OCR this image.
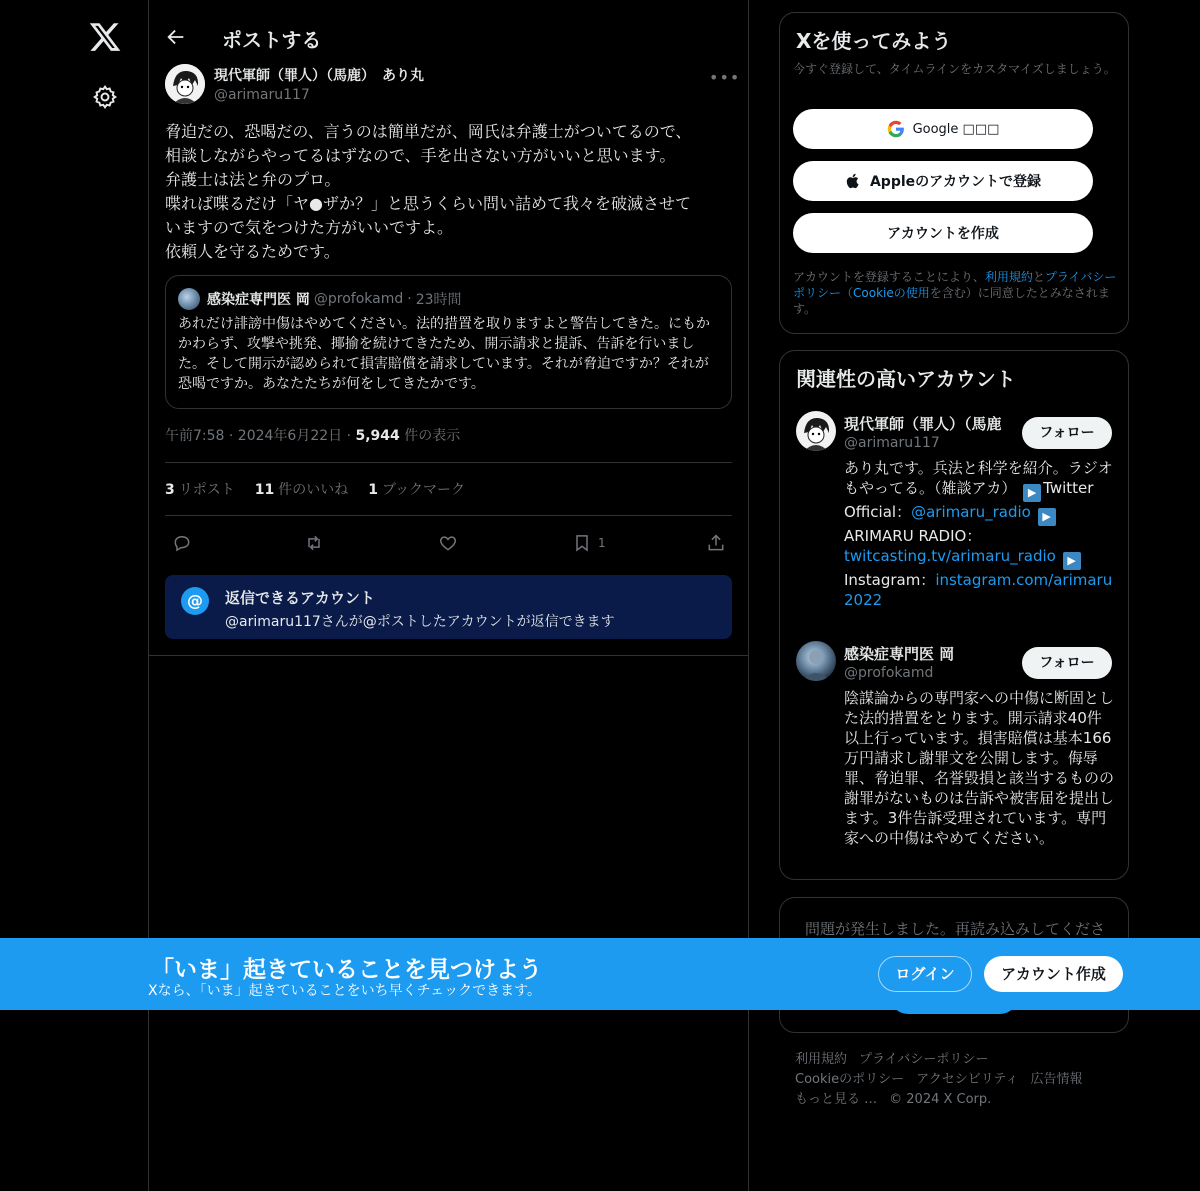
ポストする
現代軍師（罪人）（馬鹿）　あり丸
@arimaru117
•••
脅迫だの、恐喝だの、言うのは簡単だが、岡氏は弁護士がついてるので、
相談しながらやってるはずなので、手を出さない方がいいと思います。
弁護士は法と弁のプロ。
喋れば喋るだけ「ヤ●ザか？」と思うくらい問い詰めて我々を破滅させて
いますので気をつけた方がいいですよ。
依頼人を守るためです。
感染症専門医 岡 @profokamd · 23時間
あれだけ誹謗中傷はやめてください。法的措置を取りますよと警告してきた。にもかかわらず、攻撃や挑発、揶揄を続けてきたため、開示請求と提訴、告訴を行いました。そして開示が認められて損害賠償を請求しています。それが脅迫ですか？それが恐喝ですか。あなたたちが何をしてきたかです。
午前7:58 · 2024年6月22日 · 5,944 件の表示
3 リポスト 11 件のいいね 1 ブックマーク
1
@	返信できるアカウント
@arimaru117さんが@ポストしたアカウントが返信できます
Xを使ってみよう
今すぐ登録して、タイムラインをカスタマイズしましょう。
Google □□□
Appleのアカウントで登録
アカウントを作成
アカウントを登録することにより、利用規約とプライバシーポリシー（Cookieの使用を含む）に同意したとみなされます。
関連性の高いアカウント
現代軍師（罪人）（馬鹿
@arimaru117
フォロー
あり丸です。兵法と科学を紹介。ラジオもやってる。（雑談アカ） ▶ Twitter Official：@arimaru_radio ▶
ARIMARU RADIO：twitcasting.tv/arimaru_radio ▶
Instagram：instagram.com/arimaru2022
感染症専門医 岡
@profokamd
フォロー
陰謀論からの専門家への中傷に断固とした法的措置をとります。開示請求40件以上行っています。損害賠償は基本166万円請求し謝罪文を公開します。侮辱罪、脅迫罪、名誉毀損と該当するものの謝罪がないものは告訴や被害届を提出します。3件告訴受理されています。専門家への中傷はやめてください。
問題が発生しました。再読み込みしてくださ
利用規約 プライバシーポリシー
Cookieのポリシー アクセシビリティ 広告情報
もっと見る … © 2024 X Corp.
「いま」起きていることを見つけよう
Xなら、「いま」起きていることをいち早くチェックできます。
ログイン	アカウント作成
